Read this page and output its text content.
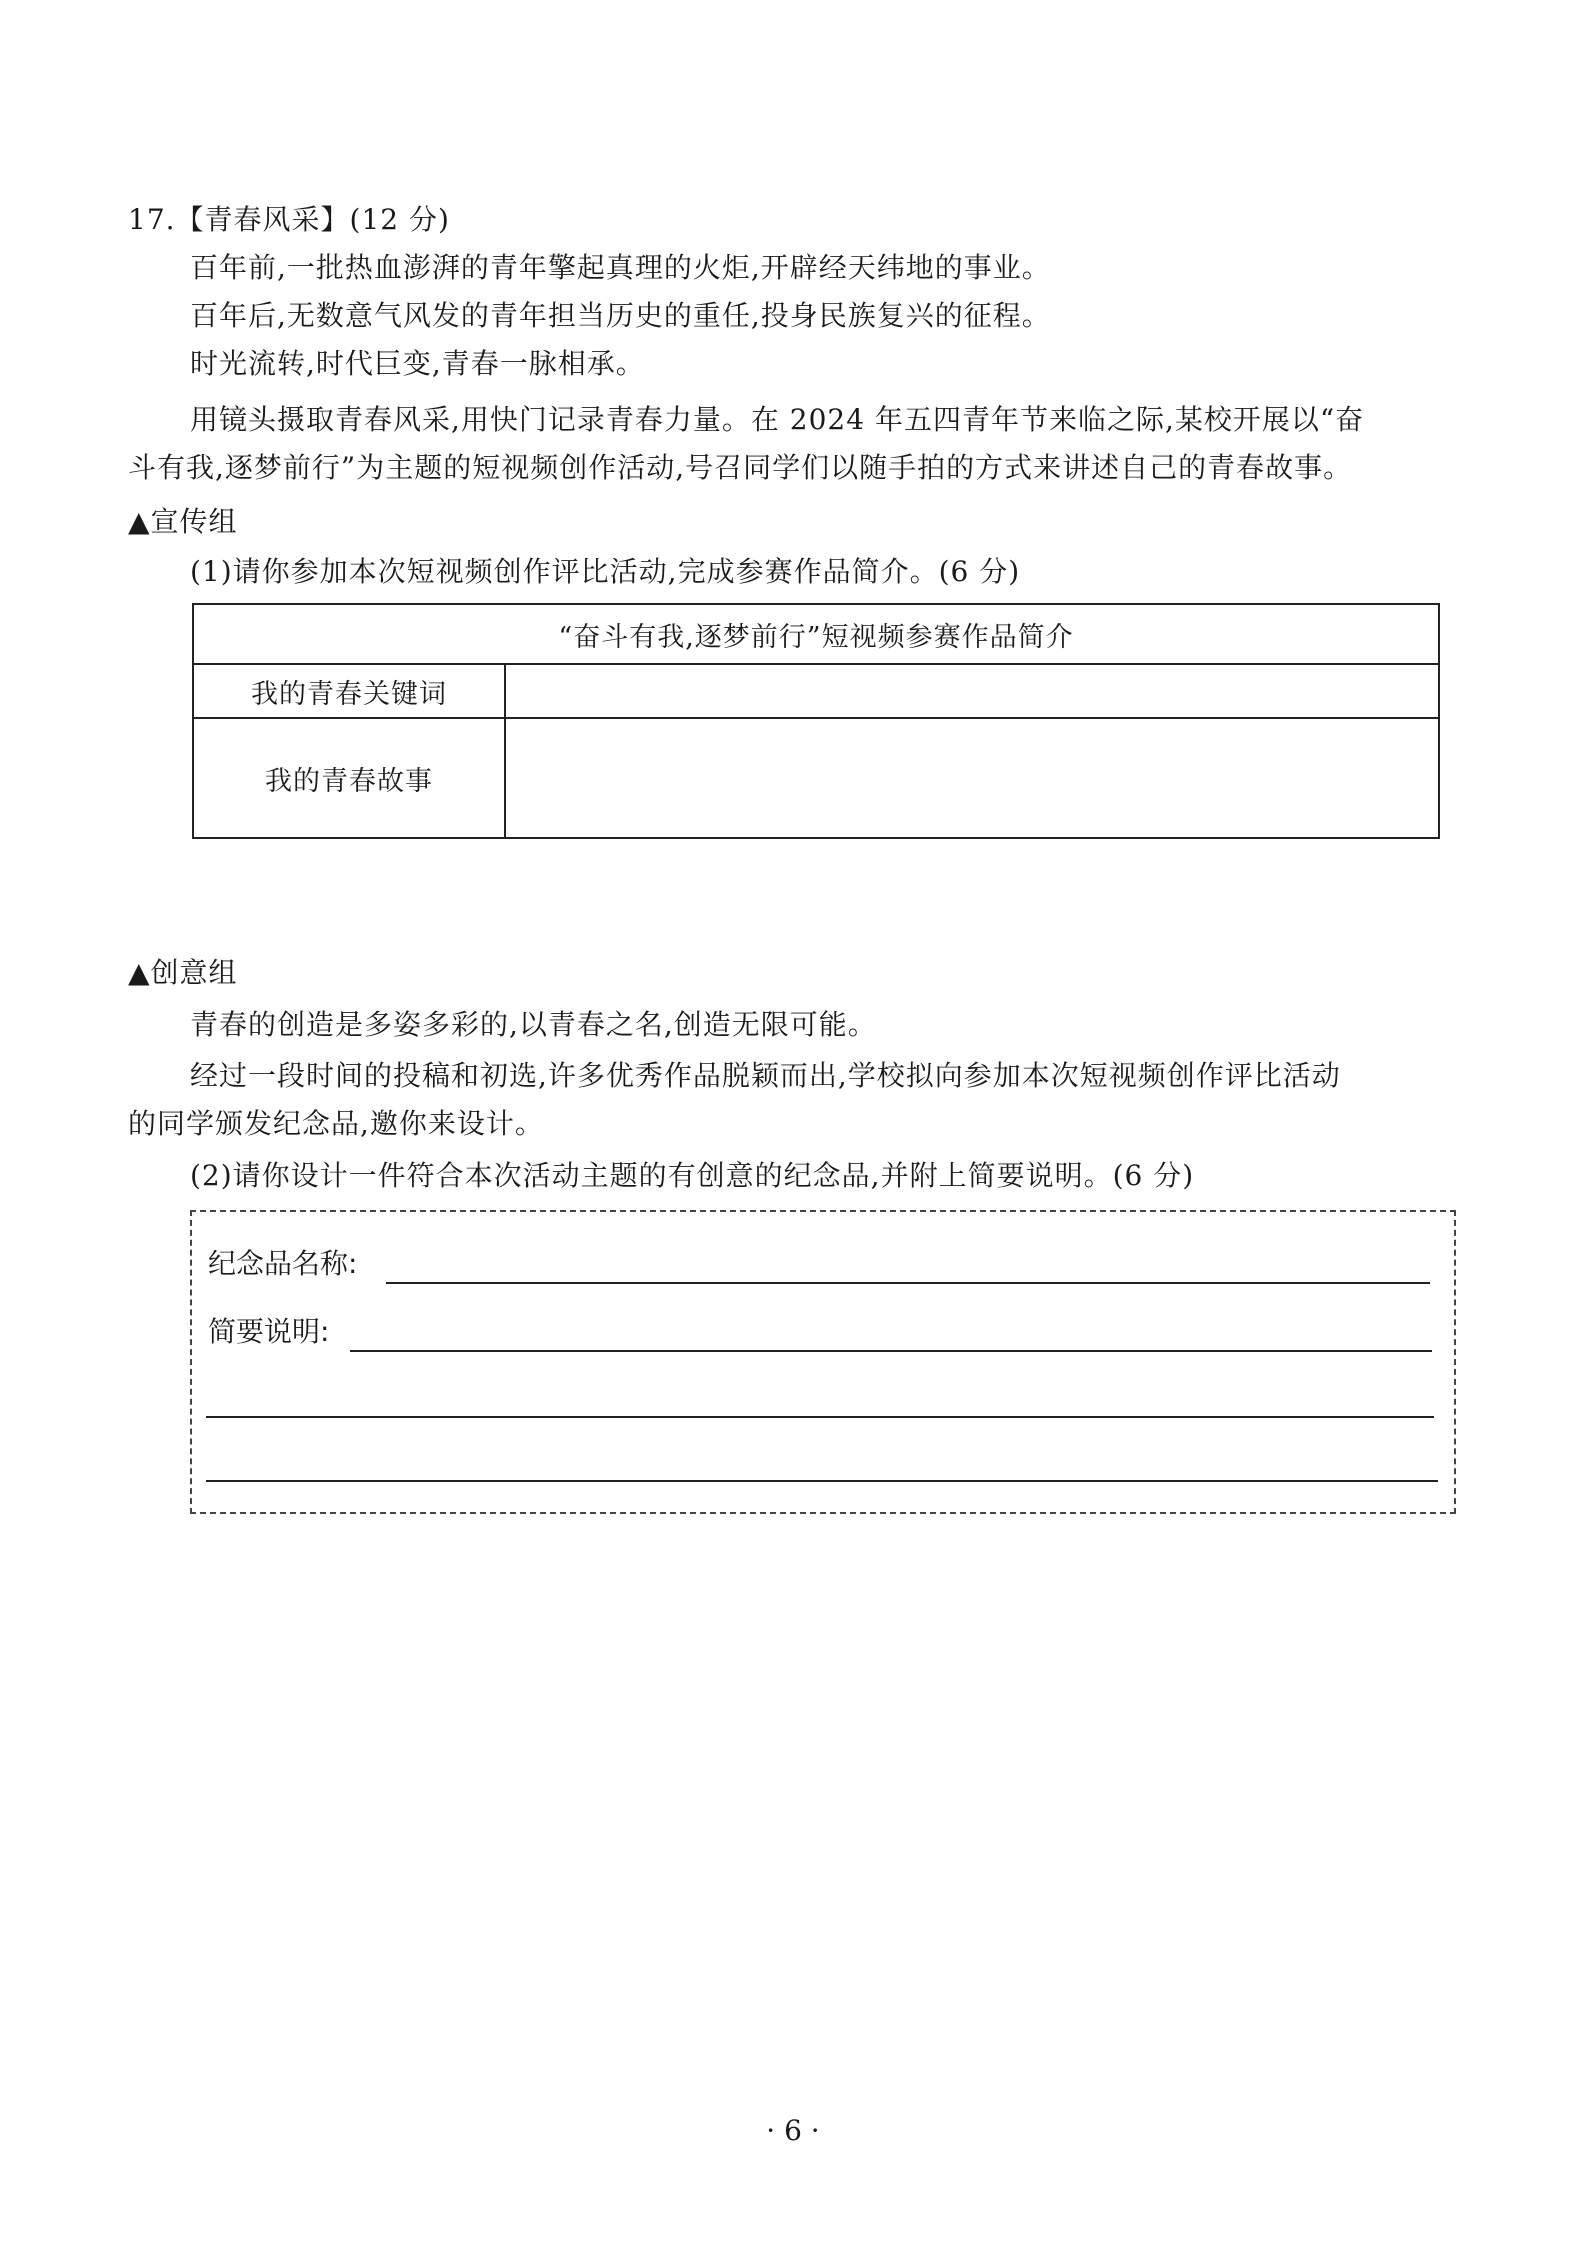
17.【青春风采】(12 分)
百年前,一批热血澎湃的青年擎起真理的火炬,开辟经天纬地的事业。
百年后,无数意气风发的青年担当历史的重任,投身民族复兴的征程。
时光流转,时代巨变,青春一脉相承。
用镜头摄取青春风采,用快门记录青春力量。在 2024 年五四青年节来临之际,某校开展以“奋
斗有我,逐梦前行”为主题的短视频创作活动,号召同学们以随手拍的方式来讲述自己的青春故事。
▲宣传组
(1)请你参加本次短视频创作评比活动,完成参赛作品简介。(6 分)
“奋斗有我,逐梦前行”短视频参赛作品简介	
我的青春关键词	
我的青春故事	
▲创意组
青春的创造是多姿多彩的,以青春之名,创造无限可能。
经过一段时间的投稿和初选,许多优秀作品脱颖而出,学校拟向参加本次短视频创作评比活动
的同学颁发纪念品,邀你来设计。
(2)请你设计一件符合本次活动主题的有创意的纪念品,并附上简要说明。(6 分)
纪念品名称:
简要说明:
· 6 ·
